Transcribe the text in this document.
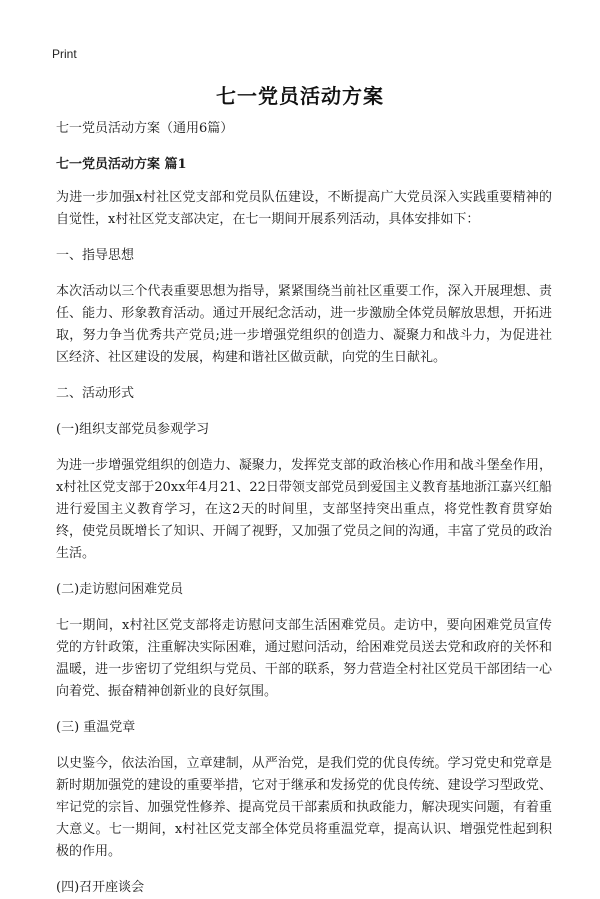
Print
七一党员活动方案

七一党员活动方案（通用6篇）

七一党员活动方案 篇1

为进一步加强x村社区党支部和党员队伍建设，不断提高广大党员深入实践重要精神的自觉性，x村社区党支部决定，在七一期间开展系列活动，具体安排如下：

一、指导思想

本次活动以三个代表重要思想为指导，紧紧围绕当前社区重要工作，深入开展理想、责任、能力、形象教育活动。通过开展纪念活动，进一步激励全体党员解放思想，开拓进取，努力争当优秀共产党员;进一步增强党组织的创造力、凝聚力和战斗力，为促进社区经济、社区建设的发展，构建和谐社区做贡献，向党的生日献礼。

二、活动形式

(一)组织支部党员参观学习

为进一步增强党组织的创造力、凝聚力，发挥党支部的政治核心作用和战斗堡垒作用，x村社区党支部于20xx年4月21、22日带领支部党员到爱国主义教育基地浙江嘉兴红船进行爱国主义教育学习，在这2天的时间里，支部坚持突出重点，将党性教育贯穿始终，使党员既增长了知识、开阔了视野，又加强了党员之间的沟通，丰富了党员的政治生活。

(二)走访慰问困难党员

七一期间，x村社区党支部将走访慰问支部生活困难党员。走访中，要向困难党员宣传党的方针政策，注重解决实际困难，通过慰问活动，给困难党员送去党和政府的关怀和温暖，进一步密切了党组织与党员、干部的联系，努力营造全村社区党员干部团结一心向着党、振奋精神创新业的良好氛围。

(三) 重温党章

以史鉴今，依法治国，立章建制，从严治党，是我们党的优良传统。学习党史和党章是新时期加强党的建设的重要举措，它对于继承和发扬党的优良传统、建设学习型政党、牢记党的宗旨、加强党性修养、提高党员干部素质和执政能力，解决现实问题，有着重大意义。七一期间，x村社区党支部全体党员将重温党章，提高认识、增强党性起到积极的作用。

(四)召开座谈会
